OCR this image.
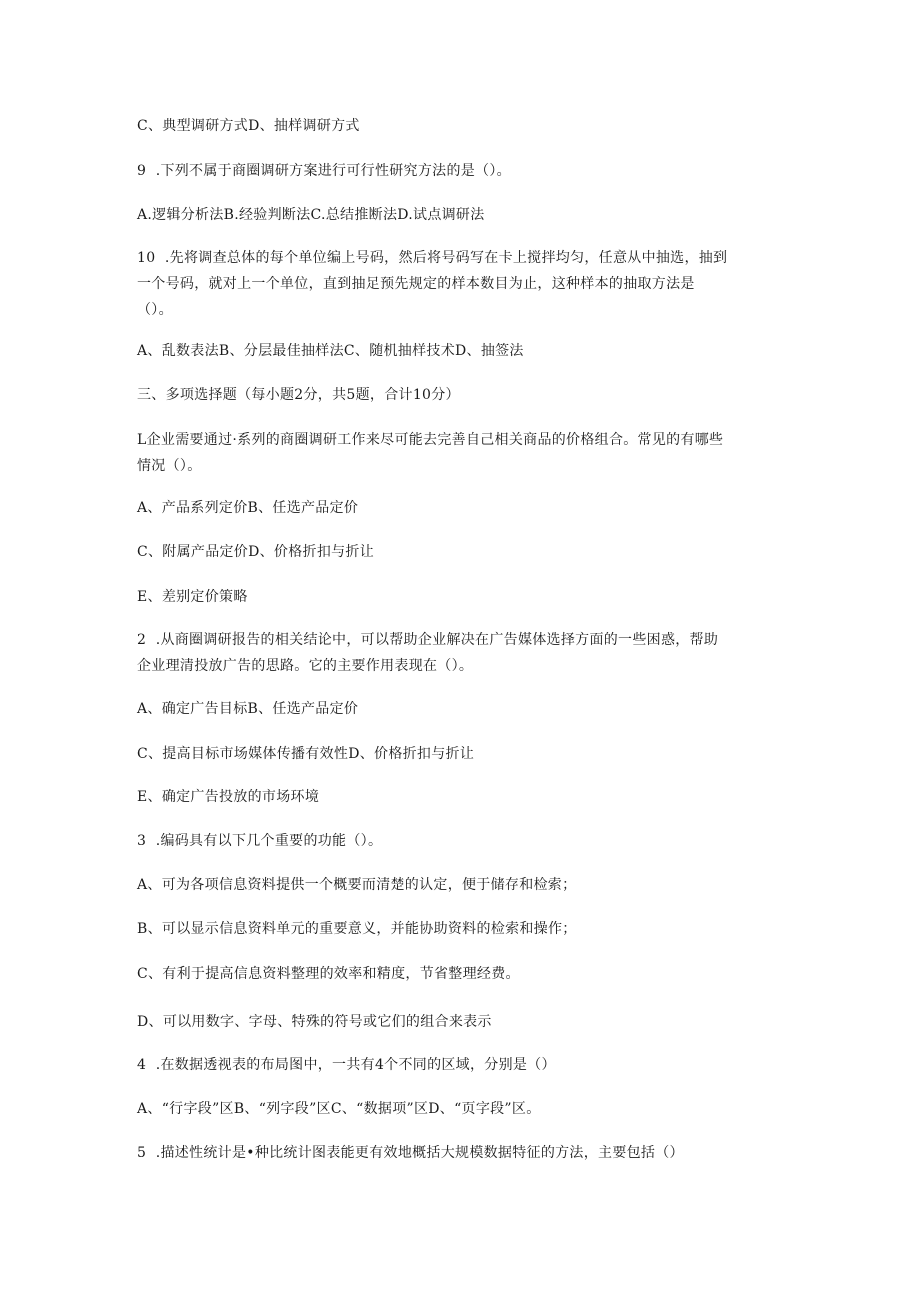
C、典型调研方式D、抽样调研方式
9  .下列不属于商圈调研方案进行可行性研究方法的是（）。
A.逻辑分析法B.经验判断法C.总结推断法D.试点调研法
10  .先将调查总体的每个单位编上号码，然后将号码写在卡上搅拌均匀，任意从中抽选，抽到
一个号码，就对上一个单位，直到抽足预先规定的样本数目为止，这种样本的抽取方法是
（）。
A、乱数表法B、分层最佳抽样法C、随机抽样技术D、抽签法
三、多项选择题（每小题2分，共5题，合计10分）
L企业需要通过·系列的商圈调研工作来尽可能去完善自己相关商品的价格组合。常见的有哪些
情况（）。
A、产品系列定价B、任选产品定价
C、附属产品定价D、价格折扣与折让
E、差别定价策略
2  .从商圈调研报告的相关结论中，可以帮助企业解决在广告媒体选择方面的一些困惑，帮助
企业理清投放广告的思路。它的主要作用表现在（）。
A、确定广告目标B、任选产品定价
C、提高目标市场媒体传播有效性D、价格折扣与折让
E、确定广告投放的市场环境
3  .编码具有以下几个重要的功能（）。
A、可为各项信息资料提供一个概要而清楚的认定，便于储存和检索；
B、可以显示信息资料单元的重要意义，并能协助资料的检索和操作；
C、有利于提高信息资料整理的效率和精度，节省整理经费。
D、可以用数字、字母、特殊的符号或它们的组合来表示
4  .在数据透视表的布局图中，一共有4个不同的区域，分别是（）
A、“行字段”区B、“列字段”区C、“数据项”区D、“页字段”区。
5  .描述性统计是•种比统计图表能更有效地概括大规模数据特征的方法，主要包括（）
